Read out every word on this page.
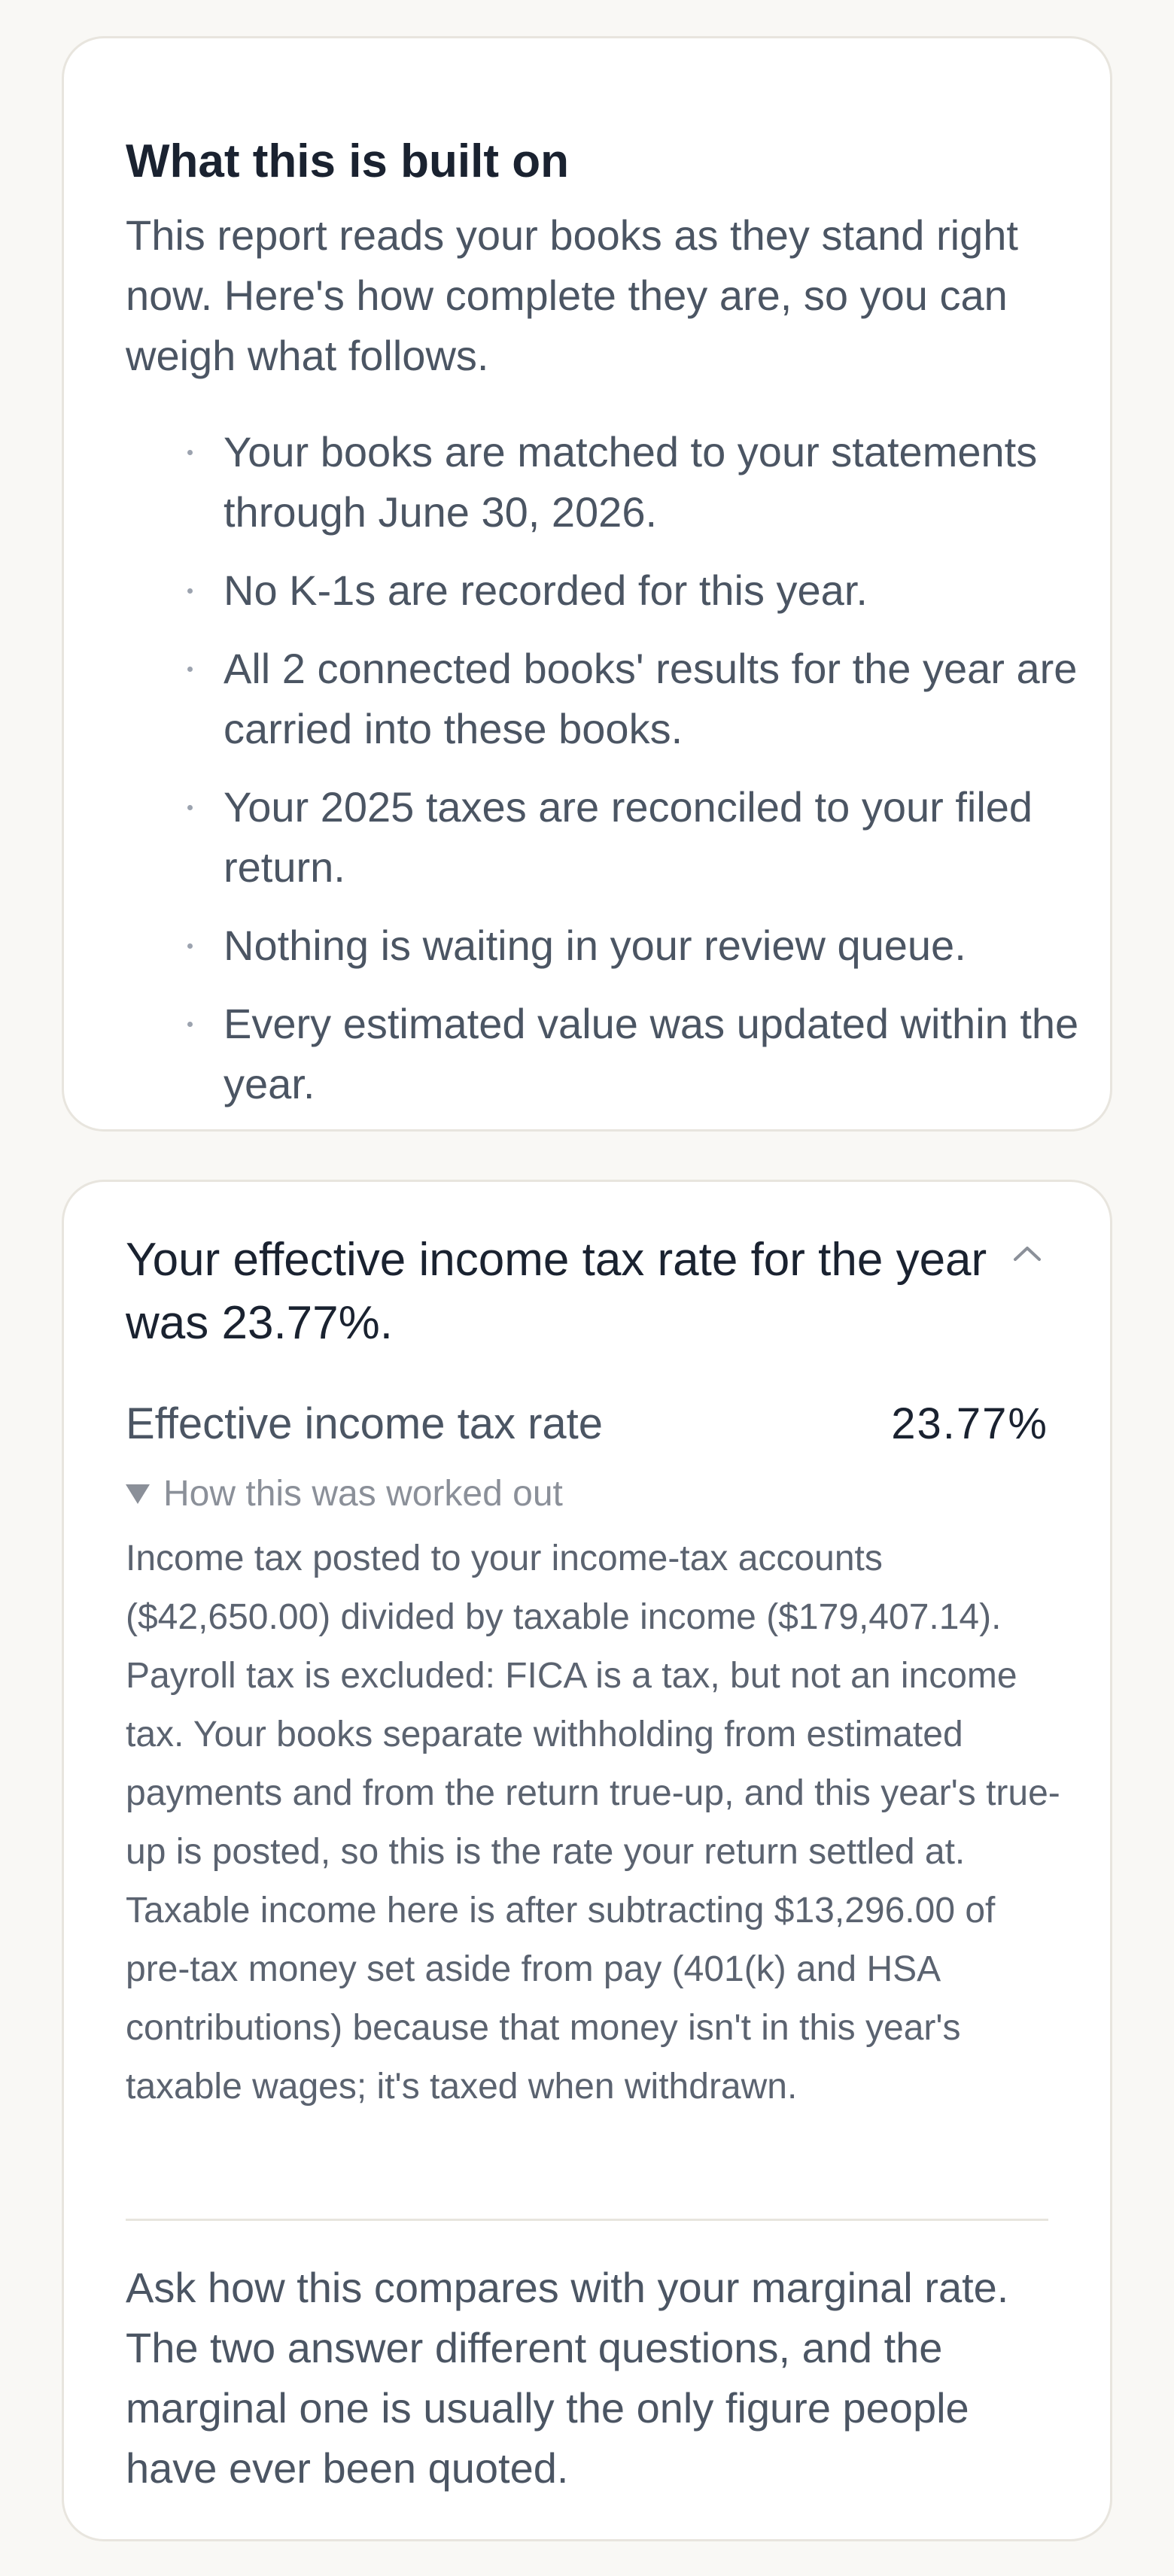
What this is built on

This report reads your books as they stand right now. Here's how complete they are, so you can weigh what follows.

Your books are matched to your statements through June 30, 2026.
No K-1s are recorded for this year.
All 2 connected books' results for the year are carried into these books.
Your 2025 taxes are reconciled to your filed return.
Nothing is waiting in your review queue.
Every estimated value was updated within the year.
Your effective income tax rate for the year was 23.77%.
Effective income tax rate	23.77%
How this was worked out

Income tax posted to your income-tax accounts ($42,650.00) divided by taxable income ($179,407.14). Payroll tax is excluded: FICA is a tax, but not an income tax. Your books separate withholding from estimated payments and from the return true-up, and this year's true-up is posted, so this is the rate your return settled at. Taxable income here is after subtracting $13,296.00 of pre-tax money set aside from pay (401(k) and HSA contributions) because that money isn't in this year's taxable wages; it's taxed when withdrawn.

Ask how this compares with your marginal rate. The two answer different questions, and the marginal one is usually the only figure people have ever been quoted.
